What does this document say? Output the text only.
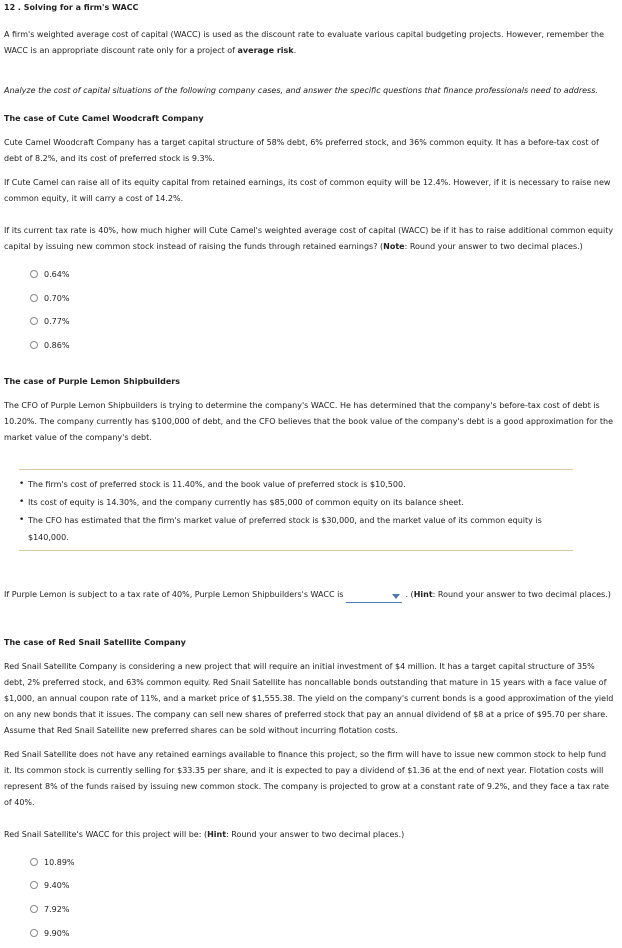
12 . Solving for a firm's WACC
A firm's weighted average cost of capital (WACC) is used as the discount rate to evaluate various capital budgeting projects. However, remember the WACC is an appropriate discount rate only for a project of average risk.
Analyze the cost of capital situations of the following company cases, and answer the specific questions that finance professionals need to address.
The case of Cute Camel Woodcraft Company
Cute Camel Woodcraft Company has a target capital structure of 58% debt, 6% preferred stock, and 36% common equity. It has a before-tax cost of debt of 8.2%, and its cost of preferred stock is 9.3%.
If Cute Camel can raise all of its equity capital from retained earnings, its cost of common equity will be 12.4%. However, if it is necessary to raise new common equity, it will carry a cost of 14.2%.
If its current tax rate is 40%, how much higher will Cute Camel's weighted average cost of capital (WACC) be if it has to raise additional common equity capital by issuing new common stock instead of raising the funds through retained earnings? (Note: Round your answer to two decimal places.)
0.64%
0.70%
0.77%
0.86%
The case of Purple Lemon Shipbuilders
The CFO of Purple Lemon Shipbuilders is trying to determine the company's WACC. He has determined that the company's before-tax cost of debt is 10.20%. The company currently has $100,000 of debt, and the CFO believes that the book value of the company's debt is a good approximation for the market value of the company's debt.
• The firm's cost of preferred stock is 11.40%, and the book value of preferred stock is $10,500.
• Its cost of equity is 14.30%, and the company currently has $85,000 of common equity on its balance sheet.
• The CFO has estimated that the firm's market value of preferred stock is $30,000, and the market value of its common equity is $140,000.
If Purple Lemon is subject to a tax rate of 40%, Purple Lemon Shipbuilders's WACC is	. (Hint: Round your answer to two decimal places.)
The case of Red Snail Satellite Company
Red Snail Satellite Company is considering a new project that will require an initial investment of $4 million. It has a target capital structure of 35% debt, 2% preferred stock, and 63% common equity. Red Snail Satellite has noncallable bonds outstanding that mature in 15 years with a face value of $1,000, an annual coupon rate of 11%, and a market price of $1,555.38. The yield on the company's current bonds is a good approximation of the yield on any new bonds that it issues. The company can sell new shares of preferred stock that pay an annual dividend of $8 at a price of $95.70 per share. Assume that Red Snail Satellite new preferred shares can be sold without incurring flotation costs.
Red Snail Satellite does not have any retained earnings available to finance this project, so the firm will have to issue new common stock to help fund it. Its common stock is currently selling for $33.35 per share, and it is expected to pay a dividend of $1.36 at the end of next year. Flotation costs will represent 8% of the funds raised by issuing new common stock. The company is projected to grow at a constant rate of 9.2%, and they face a tax rate of 40%.
Red Snail Satellite's WACC for this project will be: (Hint: Round your answer to two decimal places.)
10.89%
9.40%
7.92%
9.90%
